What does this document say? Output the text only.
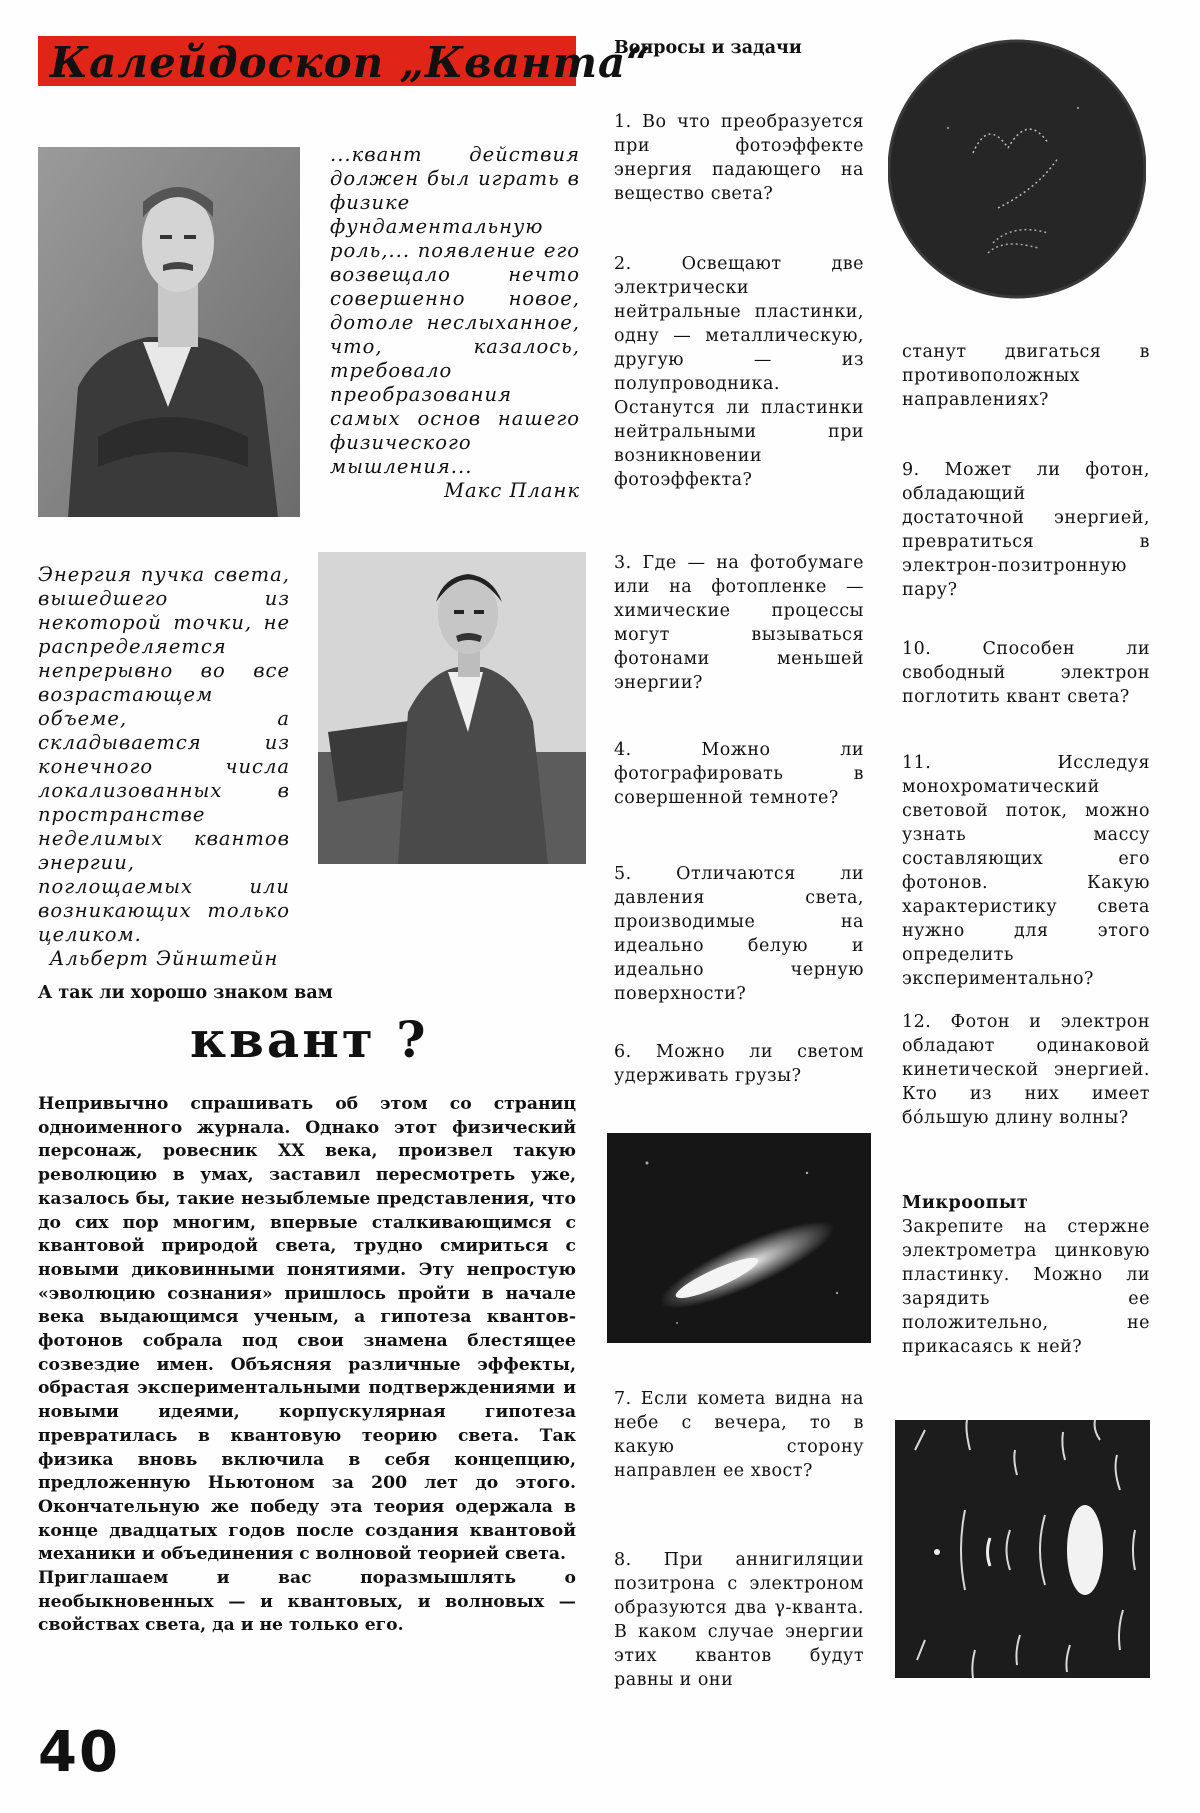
Калейдоскоп „Кванта“
...квант действия должен был играть в физике фундаментальную роль,... появление его возвещало нечто совершенно новое, дотоле неслыханное, что, казалось, требовало преобразования самых основ нашего физического мышления...
Макс Планк
Энергия пучка света, вышедшего из некоторой точки, не распределяется непрерывно во все возрастающем объеме, а складывается из конечного числа локализованных в пространстве неделимых квантов энергии, поглощаемых или возникающих только целиком.
Альберт Эйнштейн
А так ли хорошо знаком вам
квант ?

Непривычно спрашивать об этом со страниц одноименного журнала. Однако этот физический персонаж, ровесник XX века, произвел такую революцию в умах, заставил пересмотреть уже, казалось бы, такие незыблемые представления, что до сих пор многим, впервые сталкивающимся с квантовой природой света, трудно смириться с новыми диковинными понятиями. Эту непростую «эволюцию сознания» пришлось пройти в начале века выдающимся ученым, а гипотеза квантов-фотонов собрала под свои знамена блестящее созвездие имен. Объясняя различные эффекты, обрастая экспериментальными подтверждениями и новыми идеями, корпускулярная гипотеза превратилась в квантовую теорию света. Так физика вновь включила в себя концепцию, предложенную Ньютоном за 200 лет до этого. Окончательную же победу эта теория одержала в конце двадцатых годов после создания квантовой механики и объединения с волновой теорией света.

Приглашаем и вас поразмышлять о необыкновенных — и квантовых, и волновых — свойствах света, да и не только его.

40
Вопросы и задачи
1. Во что преобразуется при фотоэффекте энергия падающего на вещество света?
2. Освещают две электрически нейтральные пластинки, одну — металлическую, другую — из полупроводника. Останутся ли пластинки нейтральными при возникновении фотоэффекта?
3. Где — на фотобумаге или на фотопленке — химические процессы могут вызываться фотонами меньшей энергии?
4. Можно ли фотографировать в совершенной темноте?
5. Отличаются ли давления света, производимые на идеально белую и идеально черную поверхности?
6. Можно ли светом удерживать грузы?
7. Если комета видна на небе с вечера, то в какую сторону направлен ее хвост?
8. При аннигиляции позитрона с электроном образуются два γ-кванта. В каком случае энергии этих квантов будут равны и они
станут двигаться в противоположных направлениях?
9. Может ли фотон, обладающий достаточной энергией, превратиться в электрон-позитронную пару?
10. Способен ли свободный электрон поглотить квант света?
11. Исследуя монохроматический световой поток, можно узнать массу составляющих его фотонов. Какую характеристику света нужно для этого определить экспериментально?
12. Фотон и электрон обладают одинаковой кинетической энергией. Кто из них имеет бóльшую длину волны?
Микроопыт
Закрепите на стержне электрометра цинковую пластинку. Можно ли зарядить ее положительно, не прикасаясь к ней?
